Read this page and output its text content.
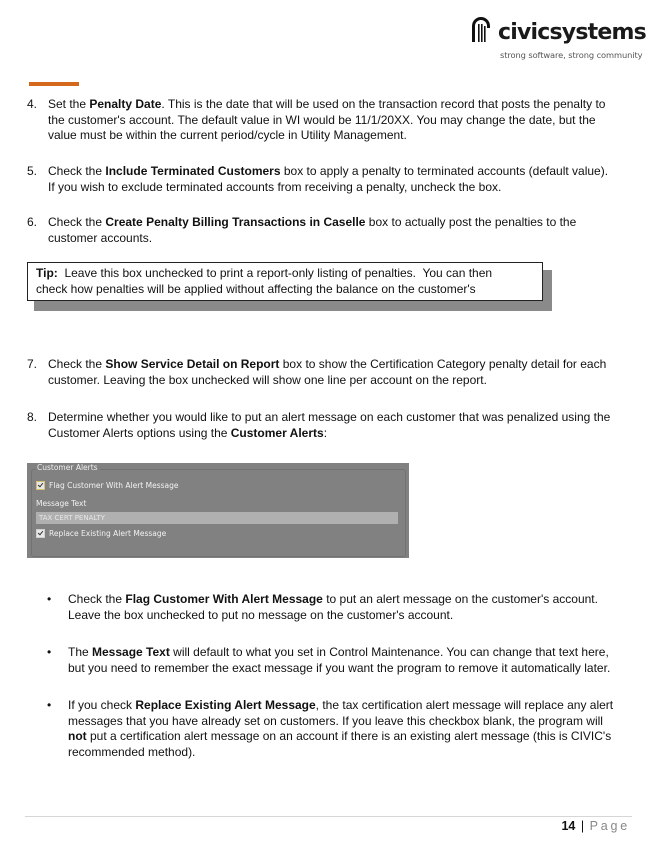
civicsystems
strong software, strong community
4. Set the Penalty Date. This is the date that will be used on the transaction record that posts the penalty to
the customer's account. The default value in WI would be 11/1/20XX. You may change the date, but the
value must be within the current period/cycle in Utility Management.
5. Check the Include Terminated Customers box to apply a penalty to terminated accounts (default value).
If you wish to exclude terminated accounts from receiving a penalty, uncheck the box.
6. Check the Create Penalty Billing Transactions in Caselle box to actually post the penalties to the
customer accounts.
Tip:  Leave this box unchecked to print a report-only listing of penalties.  You can then
check how penalties will be applied without affecting the balance on the customer's
7. Check the Show Service Detail on Report box to show the Certification Category penalty detail for each
customer. Leaving the box unchecked will show one line per account on the report.
8. Determine whether you would like to put an alert message on each customer that was penalized using the
Customer Alerts options using the Customer Alerts:
Customer Alerts
Flag Customer With Alert Message
Message Text
TAX CERT PENALTY
Replace Existing Alert Message
• Check the Flag Customer With Alert Message to put an alert message on the customer's account.
Leave the box unchecked to put no message on the customer's account.
• The Message Text will default to what you set in Control Maintenance. You can change that text here,
but you need to remember the exact message if you want the program to remove it automatically later.
• If you check Replace Existing Alert Message, the tax certification alert message will replace any alert
messages that you have already set on customers. If you leave this checkbox blank, the program will
not put a certification alert message on an account if there is an existing alert message (this is CIVIC's
recommended method).
14 | Page
